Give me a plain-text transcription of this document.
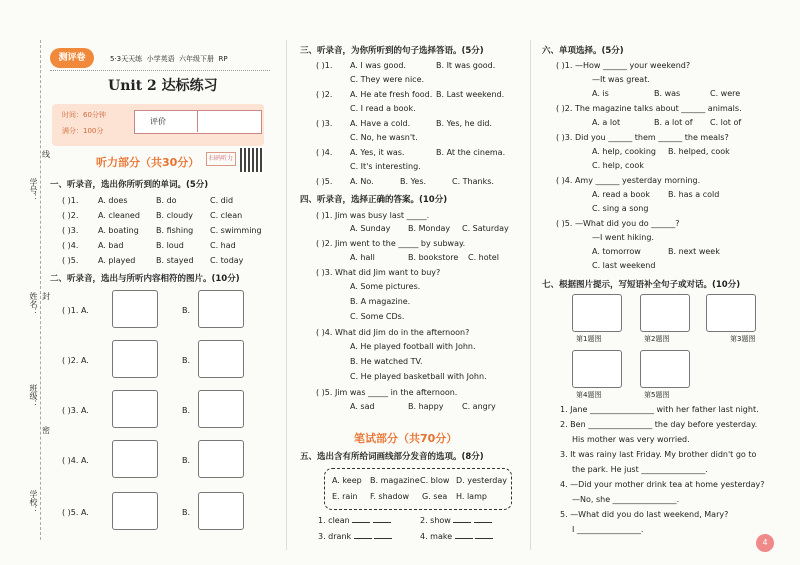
学号：
线
姓名： 封
班级：
密
学校：
测评卷	5·3天天练 小学英语 六年级下册 RP
Unit 2 达标练习
时间：60分钟
满分：100分
评价
听力部分（共30分）	扫码听力
一、听录音，选出你所听到的单词。(5分)
( )1. A. does	B. do	C. did
( )2. A. cleaned B. cloudy C. clean
( )3. A. boating B. fishing C. swimming
( )4. A. bad	B. loud	C. had
( )5. A. played	B. stayed C. today
二、听录音，选出与所听内容相符的图片。(10分)
( )1. A.	B.
( )2. A.	B.
( )3. A.	B.
( )4. A.	B.
( )5. A.	B.
三、听录音，为你所听到的句子选择答语。(5分)
( )1. A. I was good.	B. It was good.
C. They were nice.
( )2. A. He ate fresh food. B. Last weekend.
C. I read a book.
( )3. A. Have a cold.	B. Yes, he did.
C. No, he wasn't.
( )4. A. Yes, it was.	B. At the cinema.
C. It's interesting.
( )5. A. No.	B. Yes.	C. Thanks.
四、听录音，选择正确的答案。(10分)
( )1. Jim was busy last _____.
A. Sunday B. Monday C. Saturday
( )2. Jim went to the _____ by subway.
A. hall	B. bookstore C. hotel
( )3. What did Jim want to buy?
A. Some pictures.
B. A magazine.
C. Some CDs.
( )4. What did Jim do in the afternoon?
A. He played football with John.
B. He watched TV.
C. He played basketball with John.
( )5. Jim was _____ in the afternoon.
A. sad	B. happy C. angry
笔试部分（共70分）
五、选出含有所给词画线部分发音的选项。(8分)
A. keep B. magazine C. blow D. yesterday
E. rain F. shadow G. sea H. lamp
1. clean	2. show
3. drank	4. make
六、单项选择。(5分)
( )1. —How ______ your weekend?
—It was great.
A. is	B. was	C. were
( )2. The magazine talks about ______ animals.
A. a lot	B. a lot of C. lot of
( )3. Did you ______ them ______ the meals?
A. help, cooking B. helped, cook
C. help, cook
( )4. Amy ______ yesterday morning.
A. read a book B. has a cold
C. sing a song
( )5. —What did you do ______?
—I went hiking.
A. tomorrow	B. next week
C. last weekend
七、根据图片提示，写短语补全句子或对话。(10分)
第1题图	第2题图	第3题图
第4题图	第5题图
1. Jane ________________ with her father last night.
2. Ben ________________ the day before yesterday.
His mother was very worried.
3. It was rainy last Friday. My brother didn't go to
the park. He just ________________.
4. —Did your mother drink tea at home yesterday?
—No, she ________________.
5. —What did you do last weekend, Mary?
I ________________.
4
